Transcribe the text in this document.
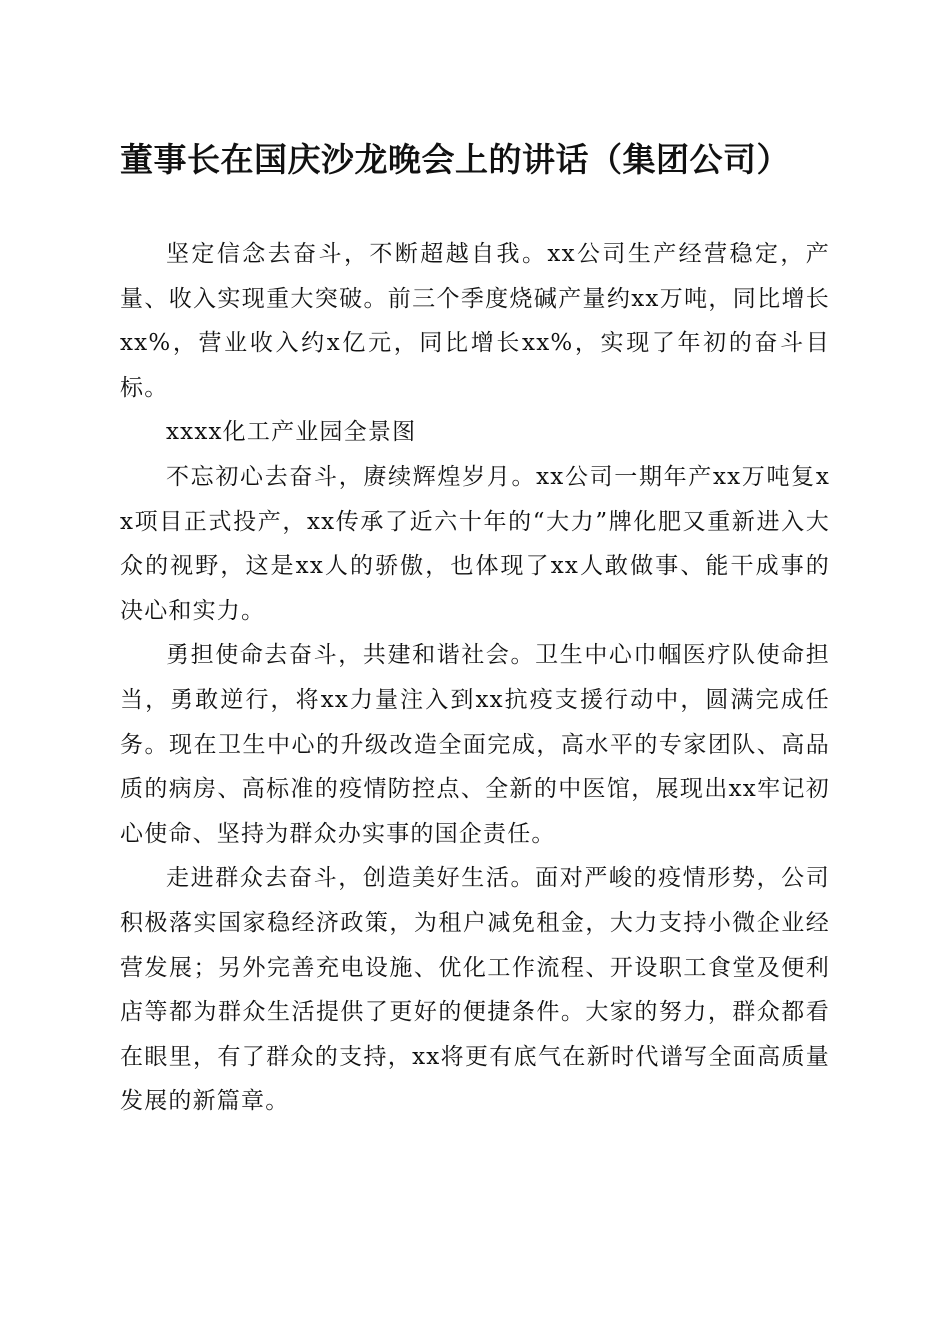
董事长在国庆沙龙晚会上的讲话（集团公司）

坚定信念去奋斗，不断超越自我。xx公司生产经营稳定，产量、收入实现重大突破。前三个季度烧碱产量约xx万吨，同比增长xx%，营业收入约x亿元，同比增长xx%，实现了年初的奋斗目标。

xxxx化工产业园全景图

不忘初心去奋斗，赓续辉煌岁月。xx公司一期年产xx万吨复xx项目正式投产，xx传承了近六十年的“大力”牌化肥又重新进入大众的视野，这是xx人的骄傲，也体现了xx人敢做事、能干成事的决心和实力。

勇担使命去奋斗，共建和谐社会。卫生中心巾帼医疗队使命担当，勇敢逆行，将xx力量注入到xx抗疫支援行动中，圆满完成任务。现在卫生中心的升级改造全面完成，高水平的专家团队、高品质的病房、高标准的疫情防控点、全新的中医馆，展现出xx牢记初心使命、坚持为群众办实事的国企责任。

走进群众去奋斗，创造美好生活。面对严峻的疫情形势，公司积极落实国家稳经济政策，为租户减免租金，大力支持小微企业经营发展；另外完善充电设施、优化工作流程、开设职工食堂及便利店等都为群众生活提供了更好的便捷条件。大家的努力，群众都看在眼里，有了群众的支持，xx将更有底气在新时代谱写全面高质量发展的新篇章。
